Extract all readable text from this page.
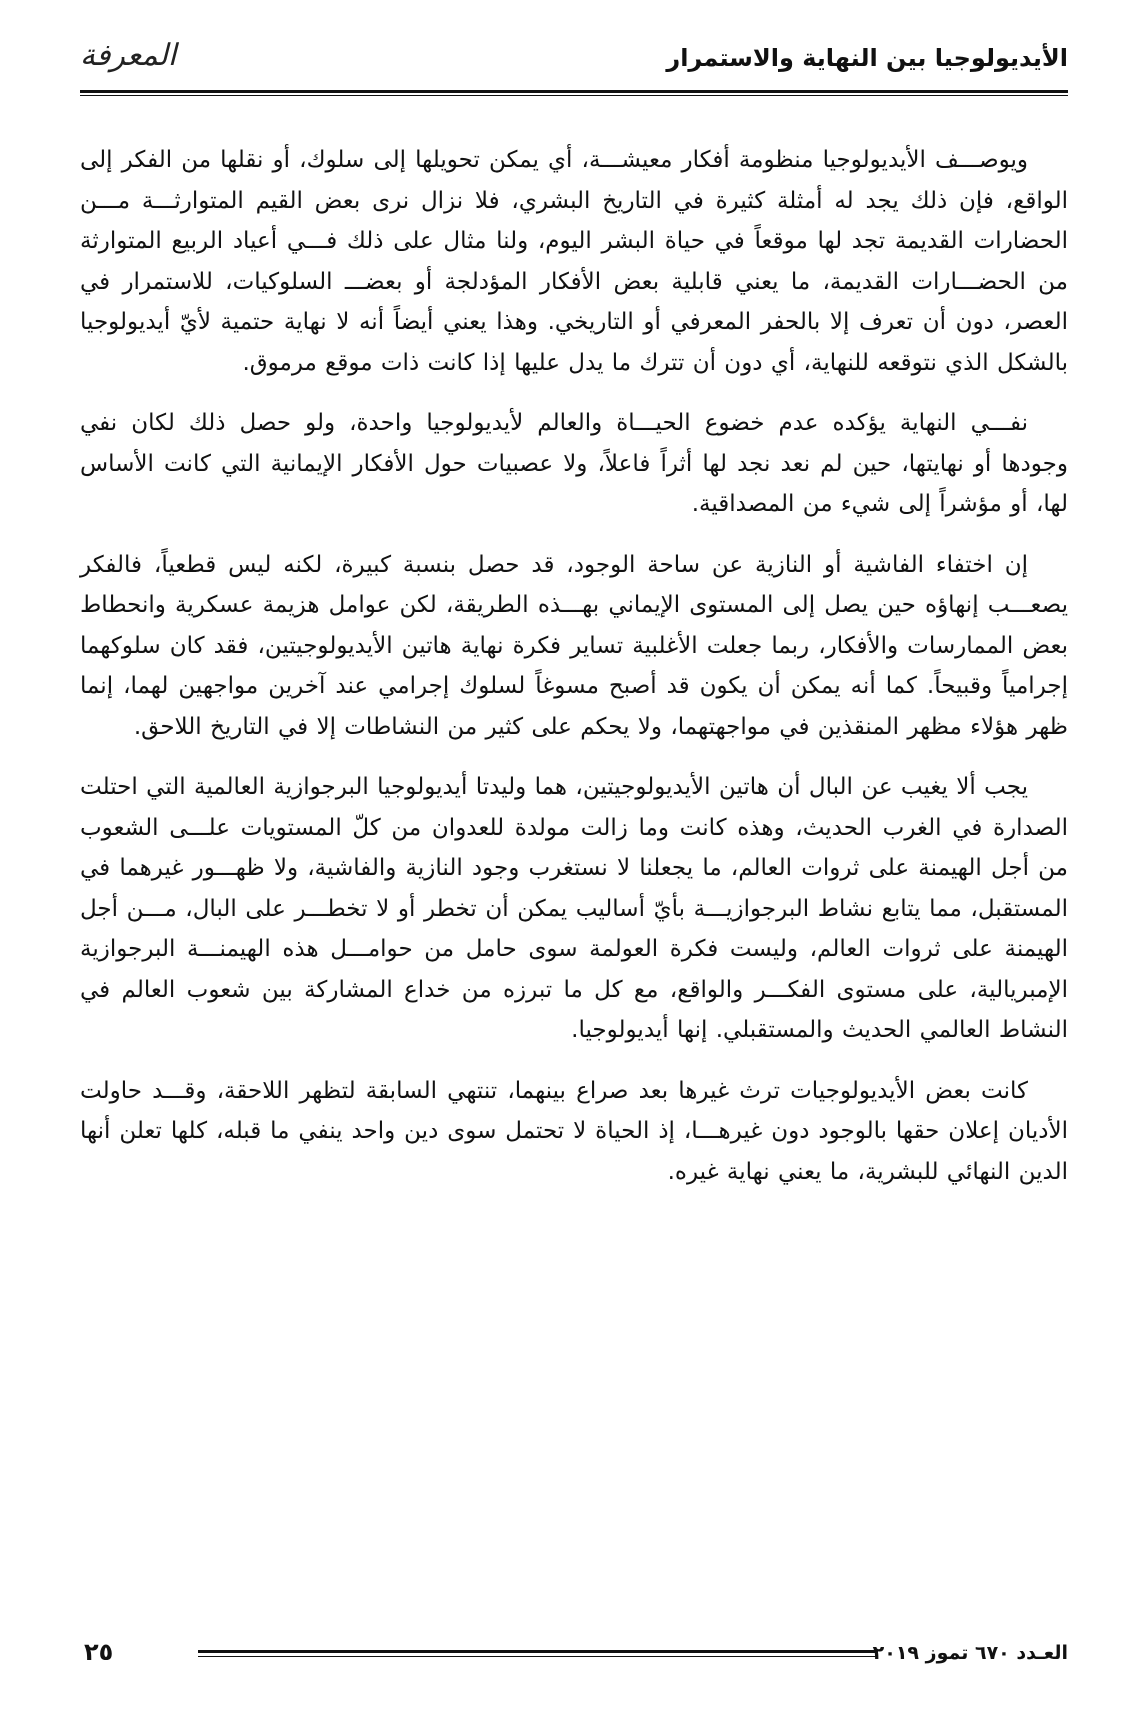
الأيديولوجيا بين النهاية والاستمرار
المعرفة

ويوصـــف الأيديولوجيا منظومة أفكار معيشـــة، أي يمكن تحويلها إلى سلوك، أو نقلها من الفكر إلى الواقع، فإن ذلك يجد له أمثلة كثيرة في التاريخ البشري، فلا نزال نرى بعض القيم المتوارثـــة مـــن الحضارات القديمة تجد لها موقعاً في حياة البشر اليوم، ولنا مثال على ذلك فـــي أعياد الربيع المتوارثة من الحضـــارات القديمة، ما يعني قابلية بعض الأفكار المؤدلجة أو بعضـــ السلوكيات، للاستمرار في العصر، دون أن تعرف إلا بالحفر المعرفي أو التاريخي. وهذا يعني أيضاً أنه لا نهاية حتمية لأيّ أيديولوجيا بالشكل الذي نتوقعه للنهاية، أي دون أن تترك ما يدل عليها إذا كانت ذات موقع مرموق.

نفـــي النهاية يؤكده عدم خضوع الحيـــاة والعالم لأيديولوجيا واحدة، ولو حصل ذلك لكان نفي وجودها أو نهايتها، حين لم نعد نجد لها أثراً فاعلاً، ولا عصبيات حول الأفكار الإيمانية التي كانت الأساس لها، أو مؤشراً إلى شيء من المصداقية.

إن اختفاء الفاشية أو النازية عن ساحة الوجود، قد حصل بنسبة كبيرة، لكنه ليس قطعياً، فالفكر يصعـــب إنهاؤه حين يصل إلى المستوى الإيماني بهـــذه الطريقة، لكن عوامل هزيمة عسكرية وانحطاط بعض الممارسات والأفكار، ربما جعلت الأغلبية تساير فكرة نهاية هاتين الأيديولوجيتين، فقد كان سلوكهما إجرامياً وقبيحاً. كما أنه يمكن أن يكون قد أصبح مسوغاً لسلوك إجرامي عند آخرين مواجهين لهما، إنما ظهر هؤلاء مظهر المنقذين في مواجهتهما، ولا يحكم على كثير من النشاطات إلا في التاريخ اللاحق.

يجب ألا يغيب عن البال أن هاتين الأيديولوجيتين، هما وليدتا أيديولوجيا البرجوازية العالمية التي احتلت الصدارة في الغرب الحديث، وهذه كانت وما زالت مولدة للعدوان من كلّ المستويات علـــى الشعوب من أجل الهيمنة على ثروات العالم، ما يجعلنا لا نستغرب وجود النازية والفاشية، ولا ظهـــور غيرهما في المستقبل، مما يتابع نشاط البرجوازيـــة بأيّ أساليب يمكن أن تخطر أو لا تخطـــر على البال، مـــن أجل الهيمنة على ثروات العالم، وليست فكرة العولمة سوى حامل من حوامـــل هذه الهيمنـــة البرجوازية الإمبريالية، على مستوى الفكـــر والواقع، مع كل ما تبرزه من خداع المشاركة بين شعوب العالم في النشاط العالمي الحديث والمستقبلي. إنها أيديولوجيا.

كانت بعض الأيديولوجيات ترث غيرها بعد صراع بينهما، تنتهي السابقة لتظهر اللاحقة، وقـــد حاولت الأديان إعلان حقها بالوجود دون غيرهـــا، إذ الحياة لا تحتمل سوى دين واحد ينفي ما قبله، كلها تعلن أنها الدين النهائي للبشرية، ما يعني نهاية غيره.

العـدد ٦٧٠ تموز ٢٠١٩
٢٥
